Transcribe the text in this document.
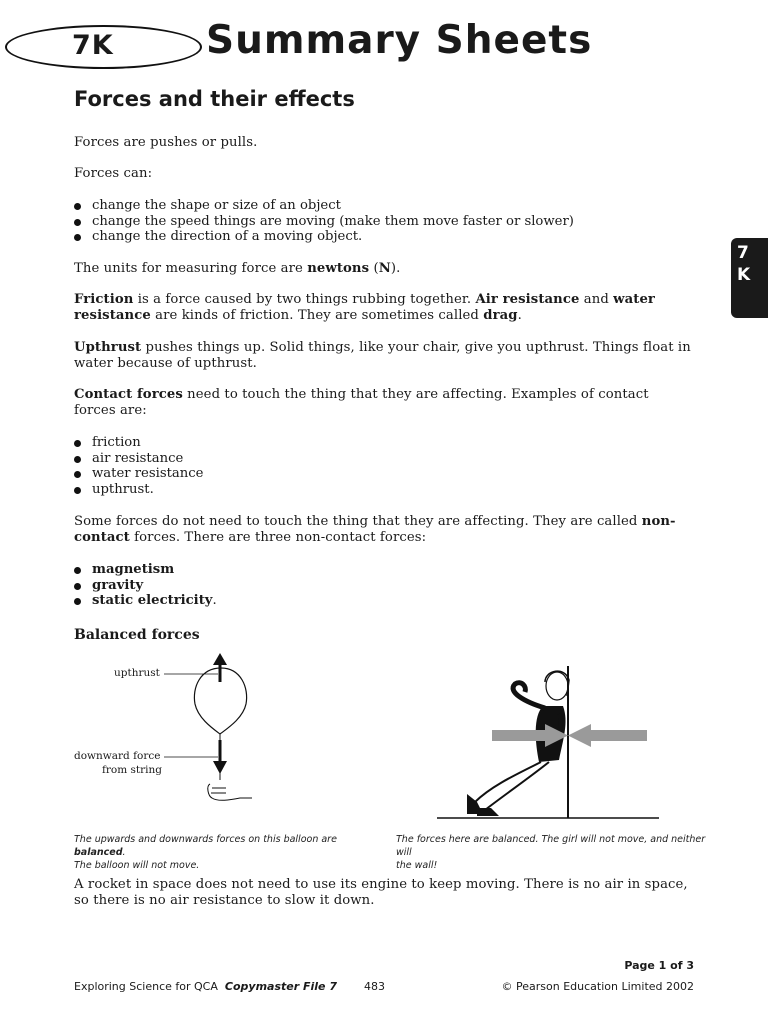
7K Summary Sheets
Forces and their effects
7
K
Forces are pushes or pulls.
Forces can:
change the shape or size of an object
change the speed things are moving (make them move faster or slower)
change the direction of a moving object.
The units for measuring force are newtons (N).
Friction is a force caused by two things rubbing together. Air resistance and water resistance are kinds of friction. They are sometimes called drag.
Upthrust pushes things up. Solid things, like your chair, give you upthrust. Things float in water because of upthrust.
Contact forces need to touch the thing that they are affecting. Examples of contact forces are:
friction
air resistance
water resistance
upthrust.
Some forces do not need to touch the thing that they are affecting. They are called non-contact forces. There are three non-contact forces:
magnetism
gravity
static electricity.
Balanced forces
upthrust
downward force
from string
The upwards and downwards forces on this balloon are balanced.
The balloon will not move.
The forces here are balanced. The girl will not move, and neither will
the wall!
A rocket in space does not need to use its engine to keep moving. There is no air in space, so there is no air resistance to slow it down.
Page 1 of 3
Exploring Science for QCA Copymaster File 7 483	© Pearson Education Limited 2002
